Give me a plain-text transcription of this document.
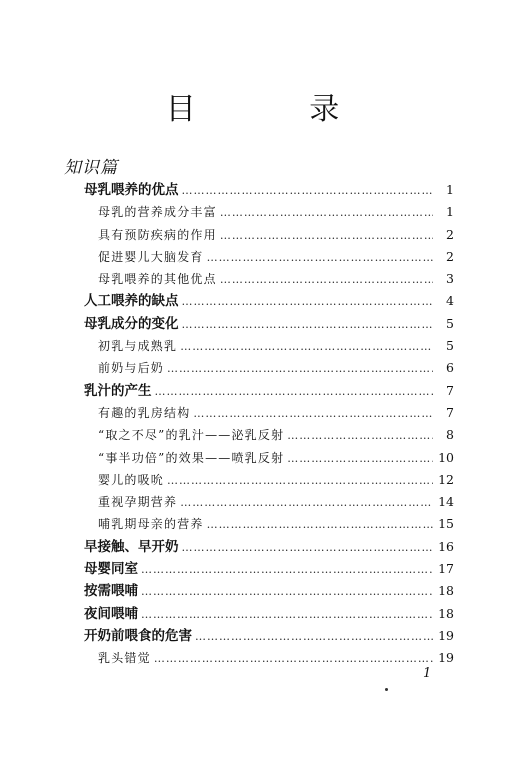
目 录
知识篇
母乳喂养的优点 …………………………………………………………………………………………………………………………	1
母乳的营养成分丰富 …………………………………………………………………………………………………………………………	1
具有预防疾病的作用 …………………………………………………………………………………………………………………………	2
促进婴儿大脑发育 …………………………………………………………………………………………………………………………	2
母乳喂养的其他优点 …………………………………………………………………………………………………………………………	3
人工喂养的缺点 …………………………………………………………………………………………………………………………	4
母乳成分的变化 …………………………………………………………………………………………………………………………	5
初乳与成熟乳 …………………………………………………………………………………………………………………………	5
前奶与后奶 …………………………………………………………………………………………………………………………	6
乳汁的产生 …………………………………………………………………………………………………………………………	7
有趣的乳房结构 …………………………………………………………………………………………………………………………	7
“取之不尽”的乳汁——泌乳反射 …………………………………………………………………………………………………………………………	8
“事半功倍”的效果——喷乳反射 …………………………………………………………………………………………………………………………	10
婴儿的吸吮 …………………………………………………………………………………………………………………………	12
重视孕期营养 …………………………………………………………………………………………………………………………	14
哺乳期母亲的营养 …………………………………………………………………………………………………………………………	15
早接触、早开奶 …………………………………………………………………………………………………………………………	16
母婴同室 …………………………………………………………………………………………………………………………	17
按需喂哺 …………………………………………………………………………………………………………………………	18
夜间喂哺 …………………………………………………………………………………………………………………………	18
开奶前喂食的危害 …………………………………………………………………………………………………………………………	19
乳头错觉 …………………………………………………………………………………………………………………………	19
1
